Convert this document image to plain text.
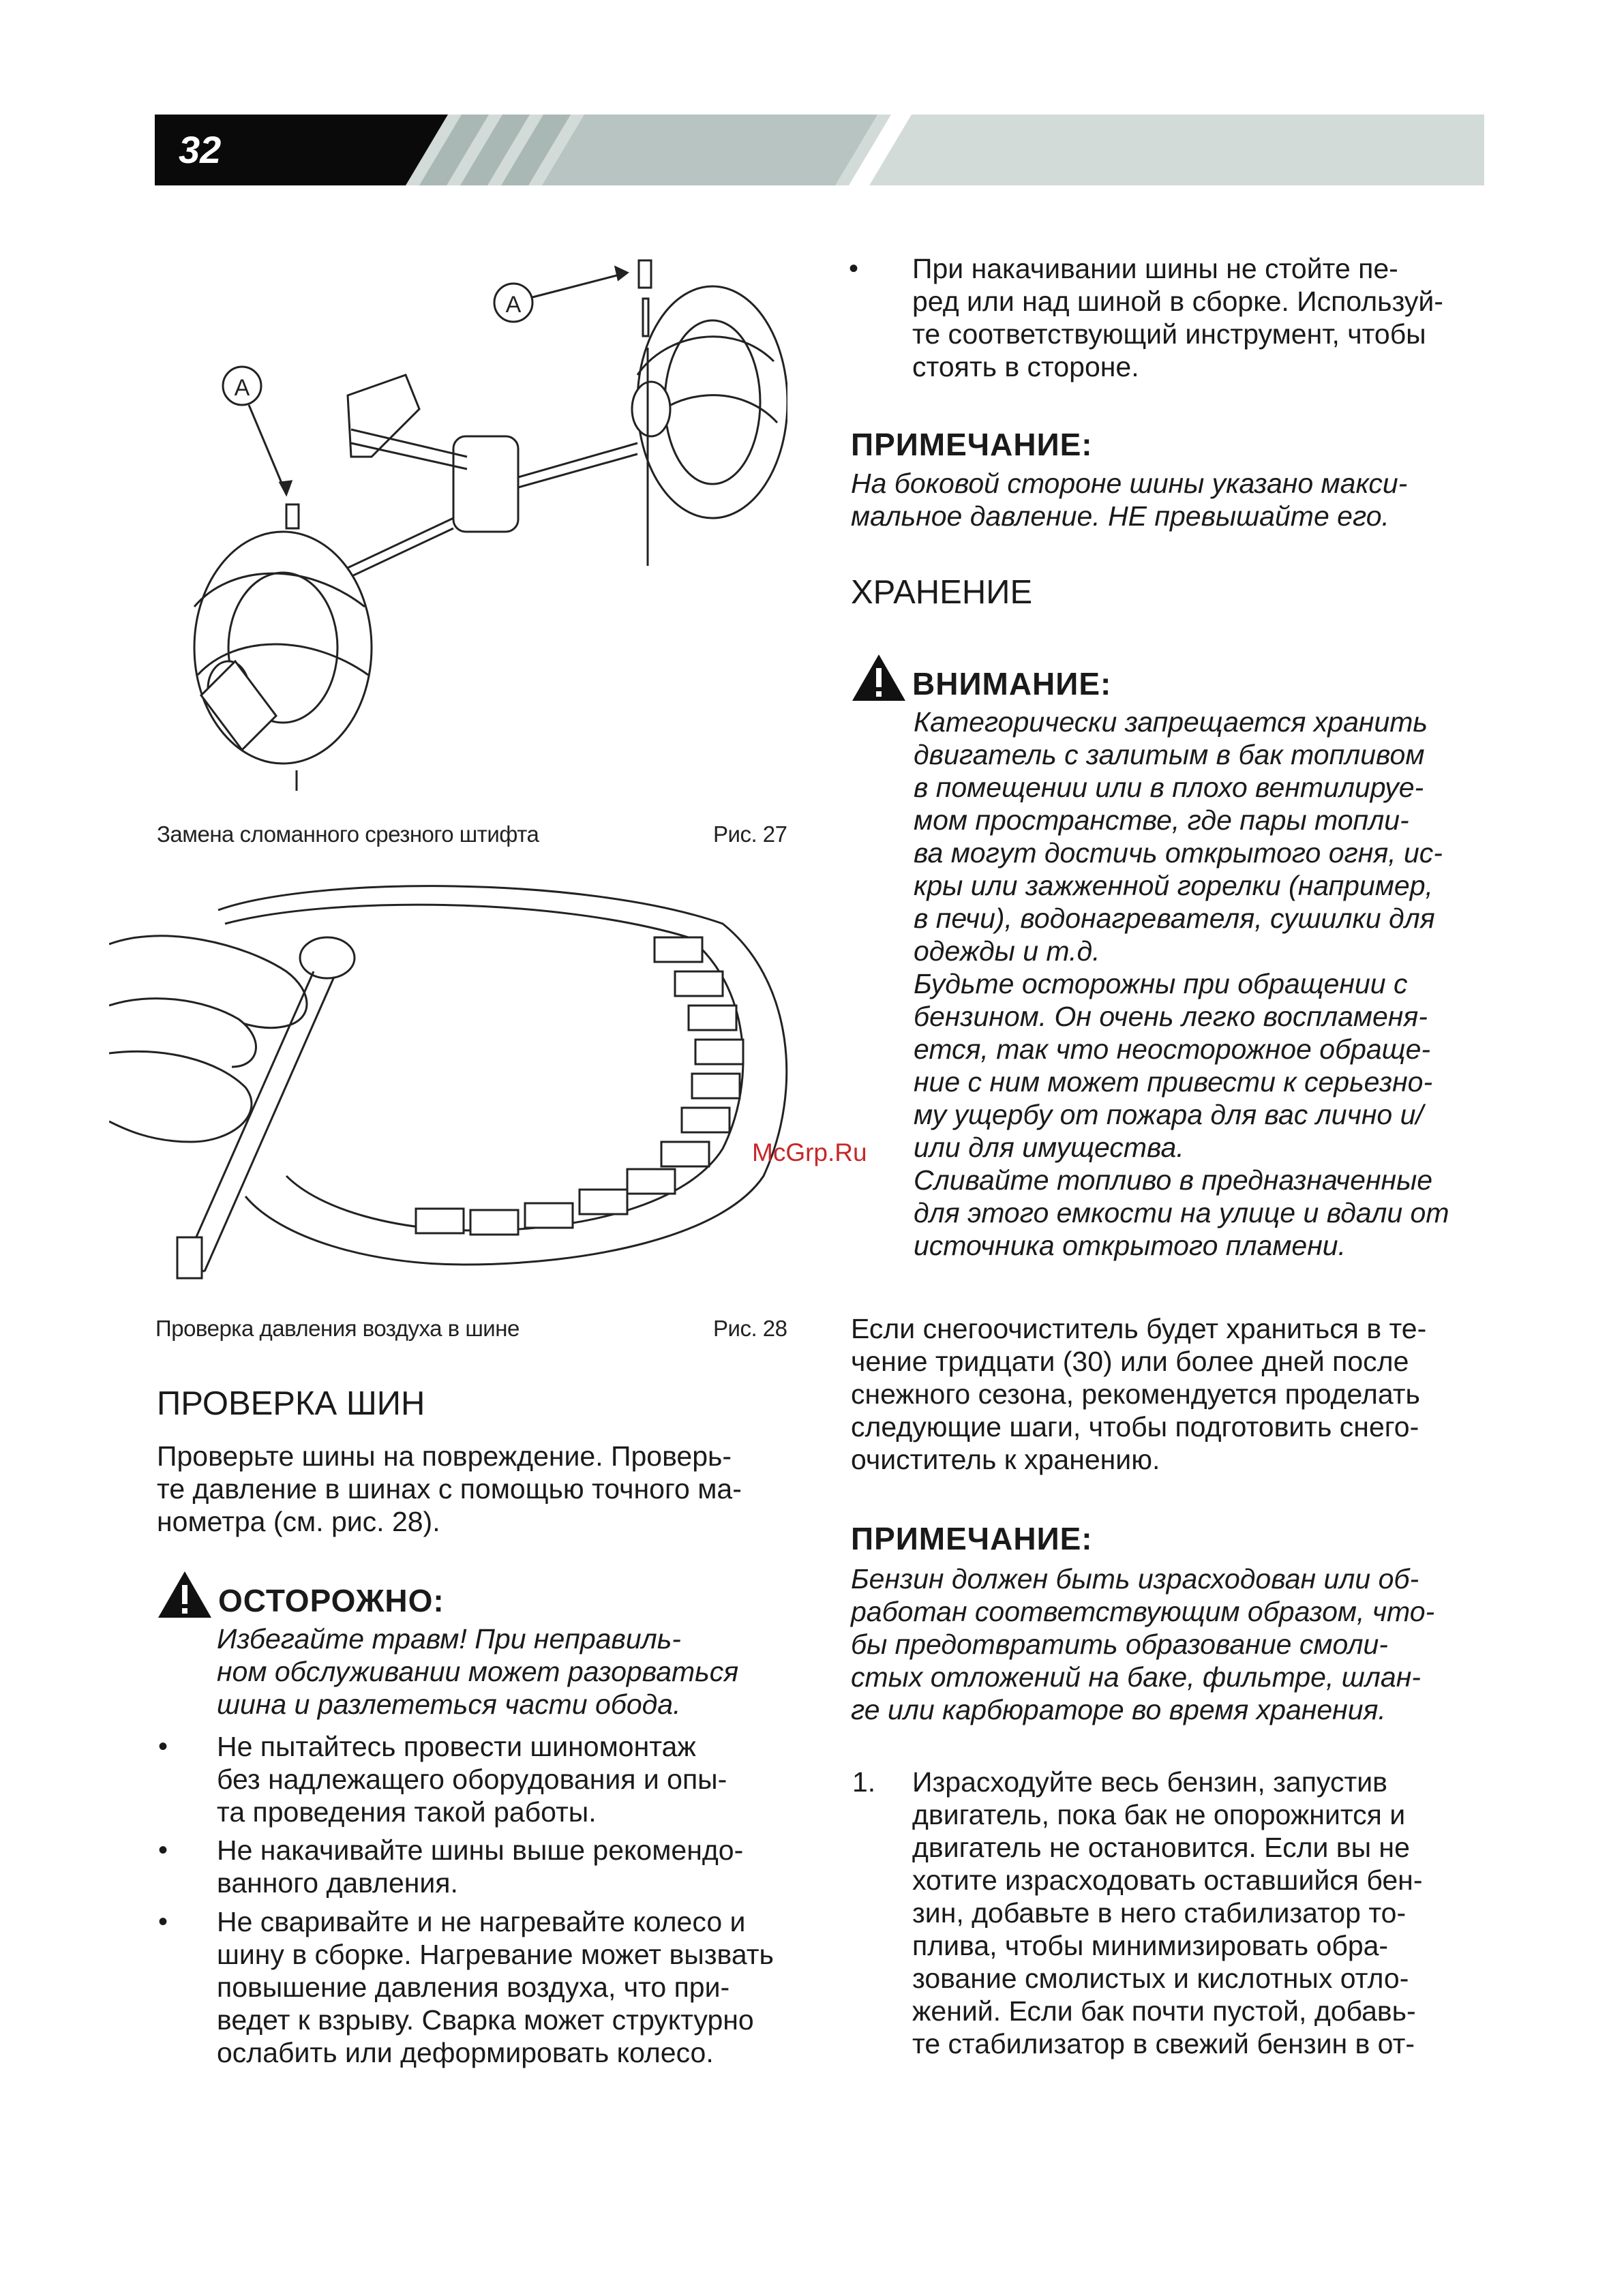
32
A
A
Замена сломанного срезного штифта	Рис. 27
Проверка давления воздуха в шине	Рис. 28
ПРОВЕРКА ШИН
Проверьте шины на повреждение. Проверь-
те давление в шинах с помощью точного ма-
нометра (см. рис. 28).
ОСТОРОЖНО:
Избегайте травм! При неправиль-
ном обслуживании может разорваться
шина и разлететься части обода.
• Не пытайтесь провести шиномонтаж
без надлежащего оборудования и опы-
та проведения такой работы.
• Не накачивайте шины выше рекомендо-
ванного давления.
• Не сваривайте и не нагревайте колесо и
шину в сборке. Нагревание может вызвать
повышение давления воздуха, что при-
ведет к взрыву. Сварка может структурно
ослабить или деформировать колесо.
• При накачивании шины не стойте пе-
ред или над шиной в сборке. Используй-
те соответствующий инструмент, чтобы
стоять в стороне.
ПРИМЕЧАНИЕ:
На боковой стороне шины указано макси-
мальное давление. НЕ превышайте его.
ХРАНЕНИЕ
ВНИМАНИЕ:
Категорически запрещается хранить
двигатель с залитым в бак топливом
в помещении или в плохо вентилируе-
мом пространстве, где пары топли-
ва могут достичь открытого огня, ис-
кры или зажженной горелки (например,
в печи), водонагревателя, сушилки для
одежды и т.д.
Будьте осторожны при обращении с
бензином. Он очень легко воспламеня-
ется, так что неосторожное обраще-
ние с ним может привести к серьезно-
му ущербу от пожара для вас лично и/
или для имущества.
Сливайте топливо в предназначенные
для этого емкости на улице и вдали от
источника открытого пламени.
Если снегоочиститель будет храниться в те-
чение тридцати (30) или более дней после
снежного сезона, рекомендуется проделать
следующие шаги, чтобы подготовить снего-
очиститель к хранению.
ПРИМЕЧАНИЕ:
Бензин должен быть израсходован или об-
работан соответствующим образом, что-
бы предотвратить образование смоли-
стых отложений на баке, фильтре, шлан-
ге или карбюраторе во время хранения.
1. Израсходуйте весь бензин, запустив
двигатель, пока бак не опорожнится и
двигатель не остановится. Если вы не
хотите израсходовать оставшийся бен-
зин, добавьте в него стабилизатор то-
плива, чтобы минимизировать обра-
зование смолистых и кислотных отло-
жений. Если бак почти пустой, добавь-
те стабилизатор в свежий бензин в от-
McGrp.Ru
